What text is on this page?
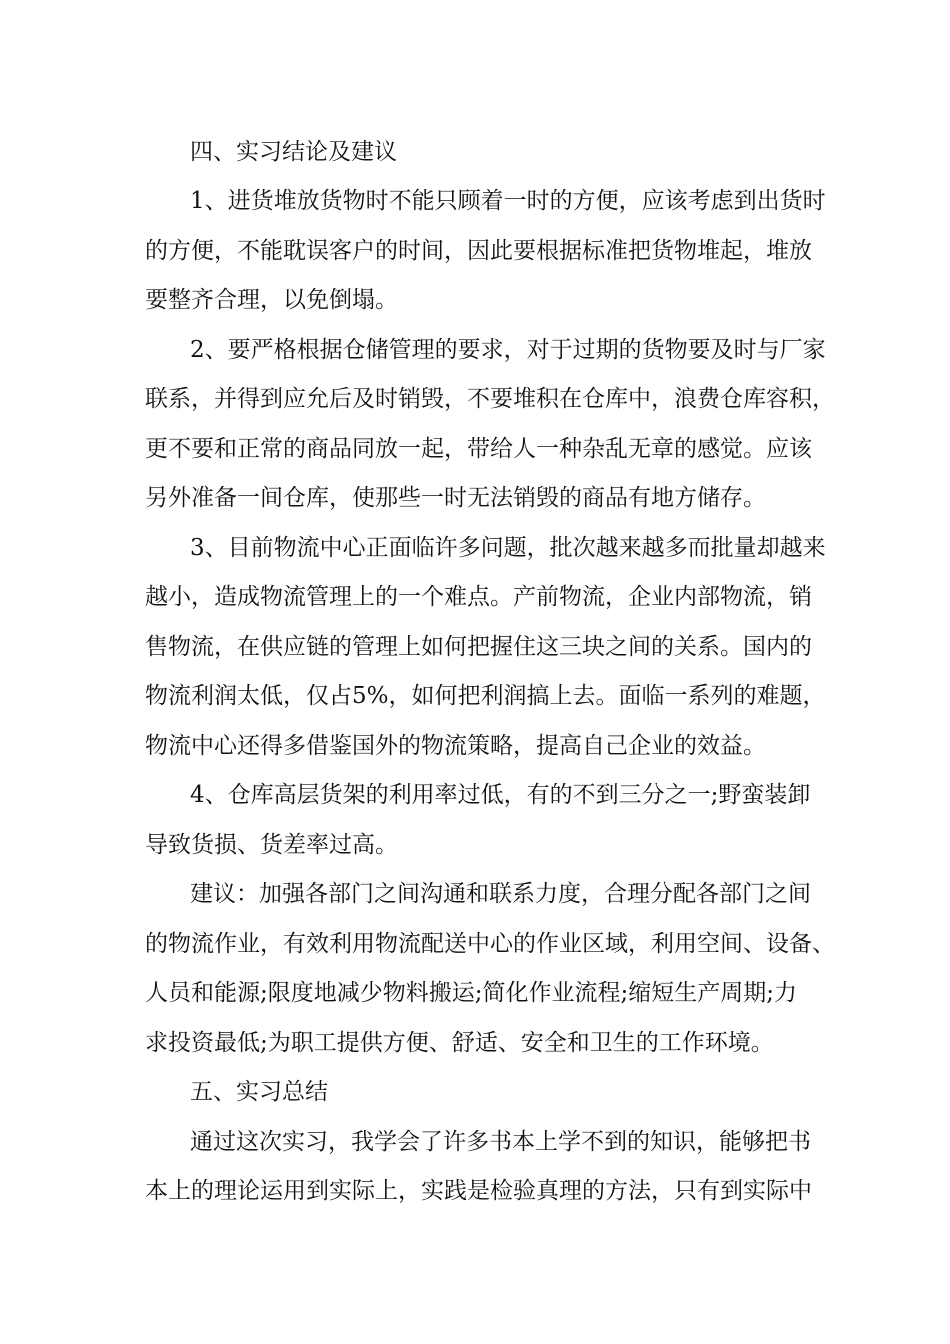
四、实习结论及建议

1、进货堆放货物时不能只顾着一时的方便，应该考虑到出货时

的方便，不能耽误客户的时间，因此要根据标准把货物堆起，堆放

要整齐合理，以免倒塌。

2、要严格根据仓储管理的要求，对于过期的货物要及时与厂家

联系，并得到应允后及时销毁，不要堆积在仓库中，浪费仓库容积，

更不要和正常的商品同放一起，带给人一种杂乱无章的感觉。应该

另外准备一间仓库，使那些一时无法销毁的商品有地方储存。

3、目前物流中心正面临许多问题，批次越来越多而批量却越来

越小，造成物流管理上的一个难点。产前物流，企业内部物流，销

售物流，在供应链的管理上如何把握住这三块之间的关系。国内的

物流利润太低，仅占5%，如何把利润搞上去。面临一系列的难题，

物流中心还得多借鉴国外的物流策略，提高自己企业的效益。

4、仓库高层货架的利用率过低，有的不到三分之一;野蛮装卸

导致货损、货差率过高。

建议：加强各部门之间沟通和联系力度，合理分配各部门之间

的物流作业，有效利用物流配送中心的作业区域，利用空间、设备、

人员和能源;限度地减少物料搬运;简化作业流程;缩短生产周期;力

求投资最低;为职工提供方便、舒适、安全和卫生的工作环境。

五、实习总结

通过这次实习，我学会了许多书本上学不到的知识，能够把书

本上的理论运用到实际上，实践是检验真理的方法，只有到实际中
